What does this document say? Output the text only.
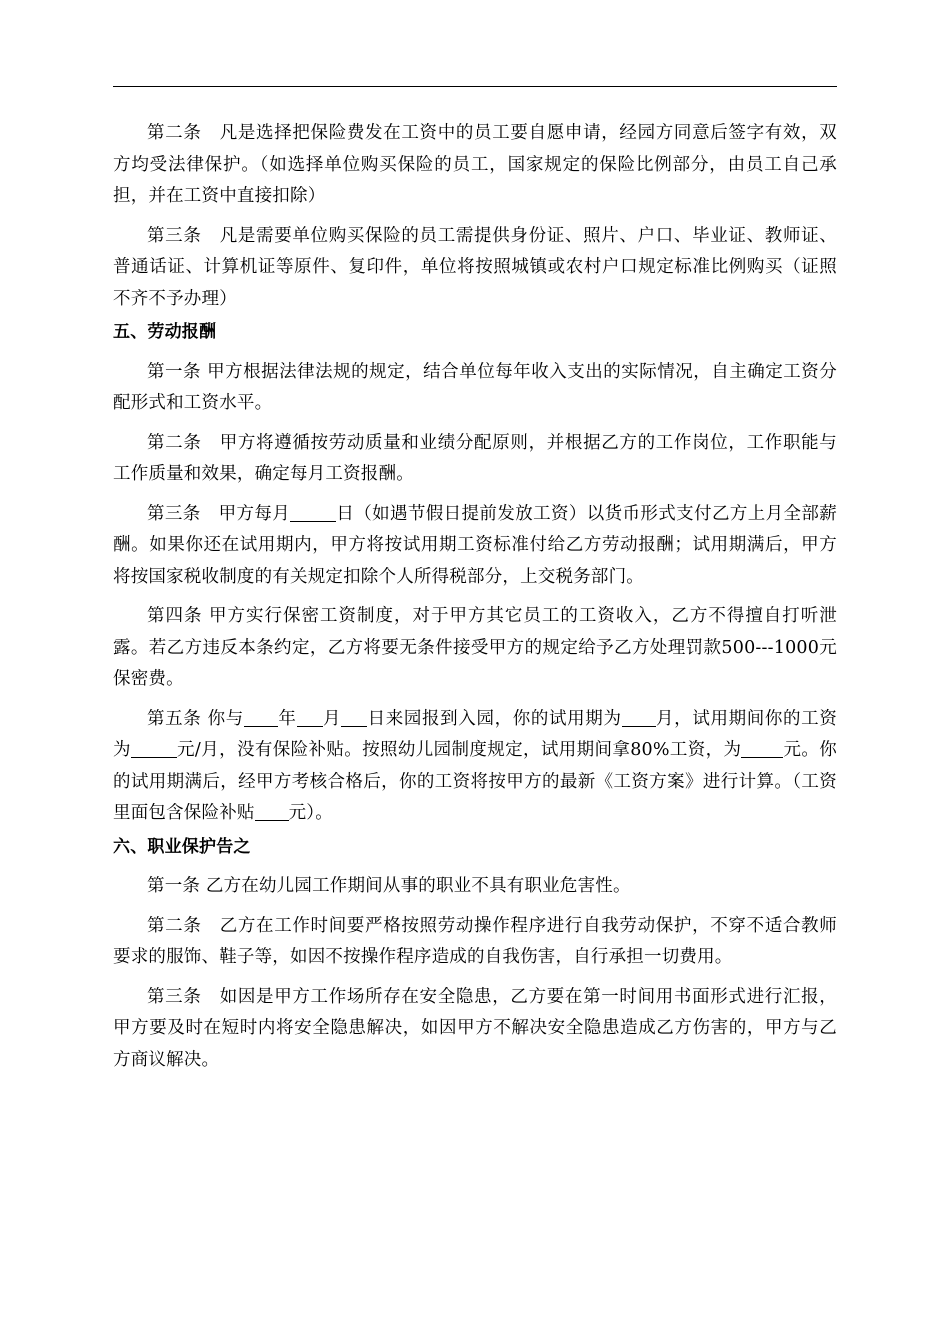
第二条　 凡是选择把保险费发在工资中的员工要自愿申请，经园方同意后签字有效，双方均受法律保护。（如选择单位购买保险的员工，国家规定的保险比例部分，由员工自己承担，并在工资中直接扣除）

第三条　 凡是需要单位购买保险的员工需提供身份证、照片、户口、毕业证、教师证、普通话证、计算机证等原件、复印件，单位将按照城镇或农村户口规定标准比例购买（证照不齐不予办理）

五、劳动报酬

第一条 甲方根据法律法规的规定，结合单位每年收入支出的实际情况，自主确定工资分配形式和工资水平。

第二条　 甲方将遵循按劳动质量和业绩分配原则，并根据乙方的工作岗位，工作职能与工作质量和效果，确定每月工资报酬。

第三条　 甲方每月	日（如遇节假日提前发放工资）以货币形式支付乙方上月全部薪酬。如果你还在试用期内，甲方将按试用期工资标准付给乙方劳动报酬；试用期满后，甲方将按国家税收制度的有关规定扣除个人所得税部分，上交税务部门。

第四条 甲方实行保密工资制度，对于甲方其它员工的工资收入，乙方不得擅自打听泄露。若乙方违反本条约定，乙方将要无条件接受甲方的规定给予乙方处理罚款500---1000元保密费。

第五条 你与 年 月 日来园报到入园，你的试用期为 月，试用期间你的工资为	元/月，没有保险补贴。按照幼儿园制度规定，试用期间拿80%工资，为 元。你的试用期满后，经甲方考核合格后，你的工资将按甲方的最新《工资方案》进行计算。（工资里面包含保险补贴 元）。

六、职业保护告之

第一条 乙方在幼儿园工作期间从事的职业不具有职业危害性。

第二条　 乙方在工作时间要严格按照劳动操作程序进行自我劳动保护，不穿不适合教师要求的服饰、鞋子等，如因不按操作程序造成的自我伤害，自行承担一切费用。

第三条　 如因是甲方工作场所存在安全隐患，乙方要在第一时间用书面形式进行汇报，甲方要及时在短时内将安全隐患解决，如因甲方不解决安全隐患造成乙方伤害的，甲方与乙方商议解决。
